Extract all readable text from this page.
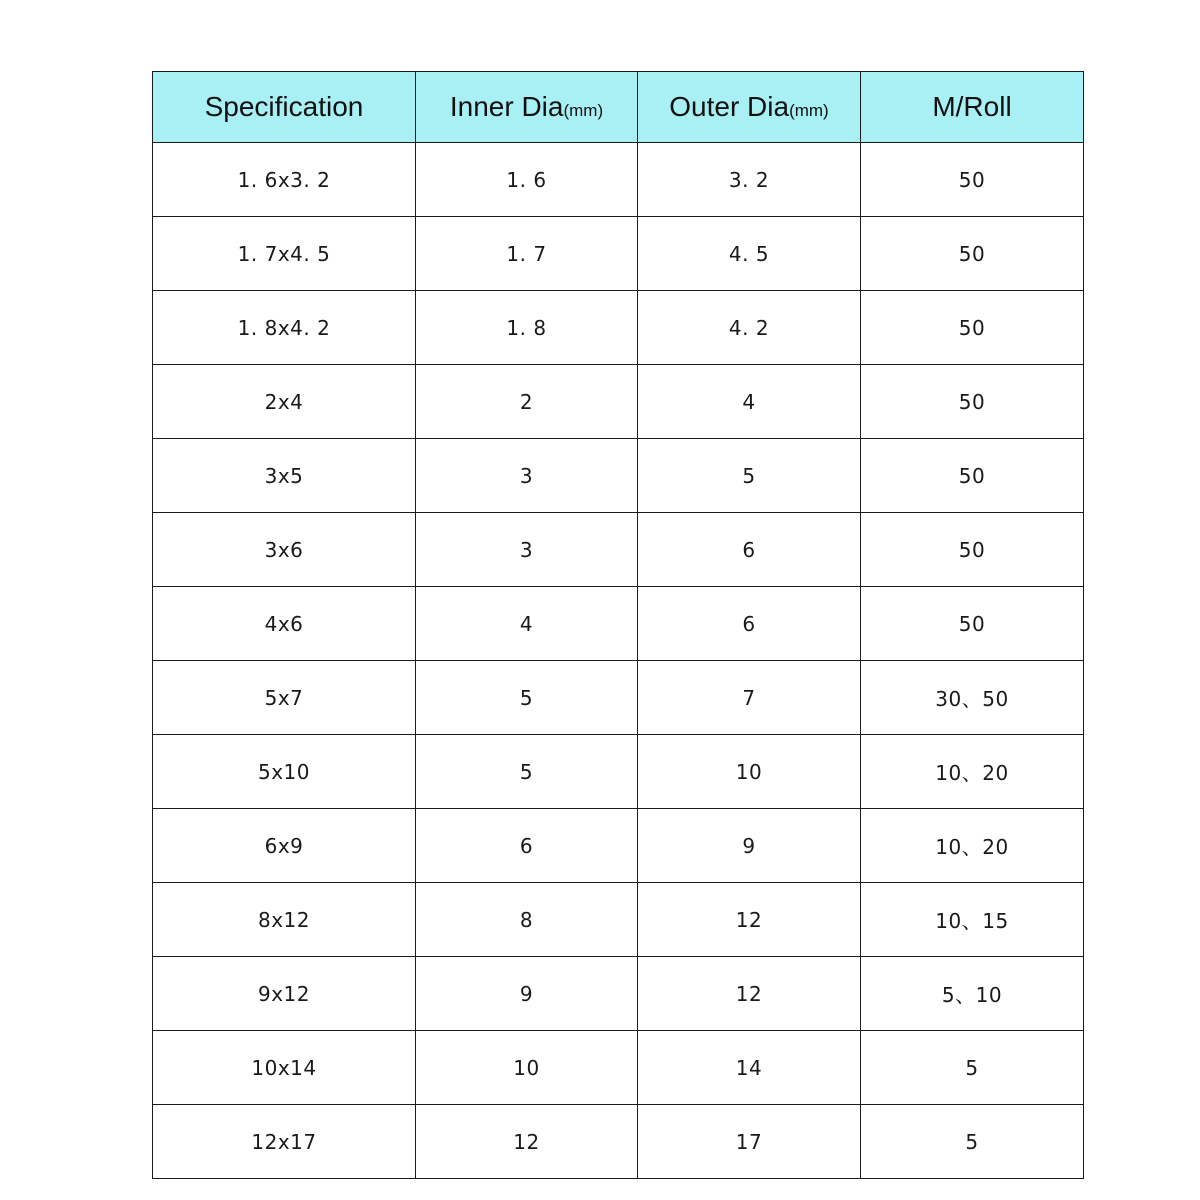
Specification	Inner Dia(mm)	Outer Dia(mm)	M/Roll
1. 6x3. 2	1. 6	3. 2	50
1. 7x4. 5	1. 7	4. 5	50
1. 8x4. 2	1. 8	4. 2	50
2x4	2	4	50
3x5	3	5	50
3x6	3	6	50
4x6	4	6	50
5x7	5	7	30、50
5x10	5	10	10、20
6x9	6	9	10、20
8x12	8	12	10、15
9x12	9	12	5、10
10x14	10	14	5
12x17	12	17	5
